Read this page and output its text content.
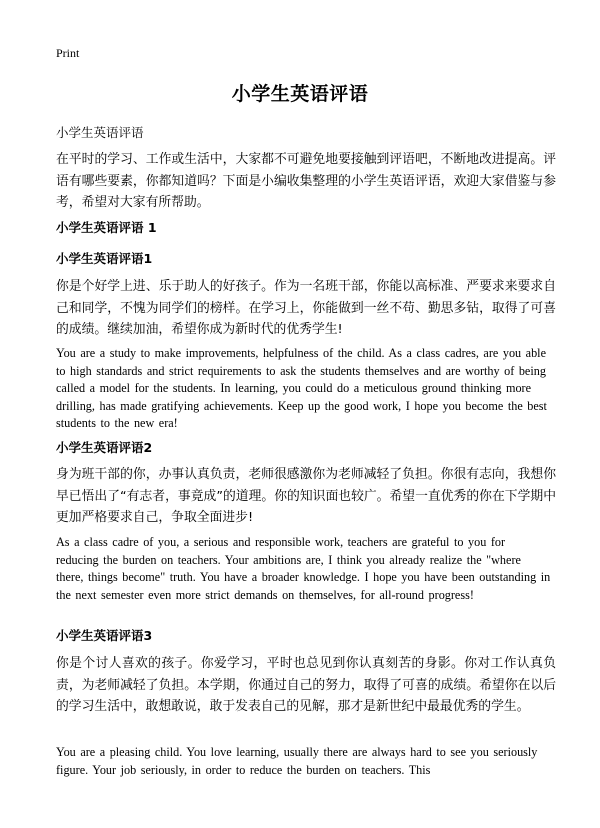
Print
小学生英语评语
小学生英语评语
在平时的学习、工作或生活中，大家都不可避免地要接触到评语吧，不断地改进提高。评语有哪些要素，你都知道吗？下面是小编收集整理的小学生英语评语，欢迎大家借鉴与参考，希望对大家有所帮助。
小学生英语评语 1
小学生英语评语1
你是个好学上进、乐于助人的好孩子。作为一名班干部，你能以高标准、严要求来要求自己和同学，不愧为同学们的榜样。在学习上，你能做到一丝不苟、勤思多钻，取得了可喜的成绩。继续加油，希望你成为新时代的优秀学生!
You are a study to make improvements, helpfulness of the child. As a class cadres, are you able to high standards and strict requirements to ask the students themselves and are worthy of being called a model for the students. In learning, you could do a meticulous ground thinking more drilling, has made gratifying achievements. Keep up the good work, I hope you become the best students to the new era!
小学生英语评语2
身为班干部的你，办事认真负责，老师很感激你为老师减轻了负担。你很有志向，我想你早已悟出了“有志者，事竟成”的道理。你的知识面也较广。希望一直优秀的你在下学期中更加严格要求自己，争取全面进步!
As a class cadre of you, a serious and responsible work, teachers are grateful to you for reducing the burden on teachers. Your ambitions are, I think you already realize the "where there, things become" truth. You have a broader knowledge. I hope you have been outstanding in the next semester even more strict demands on themselves, for all-round progress!
小学生英语评语3
你是个讨人喜欢的孩子。你爱学习，平时也总见到你认真刻苦的身影。你对工作认真负责，为老师减轻了负担。本学期，你通过自己的努力，取得了可喜的成绩。希望你在以后的学习生活中，敢想敢说，敢于发表自己的见解，那才是新世纪中最最优秀的学生。
You are a pleasing child. You love learning, usually there are always hard to see you seriously figure. Your job seriously, in order to reduce the burden on teachers. This
